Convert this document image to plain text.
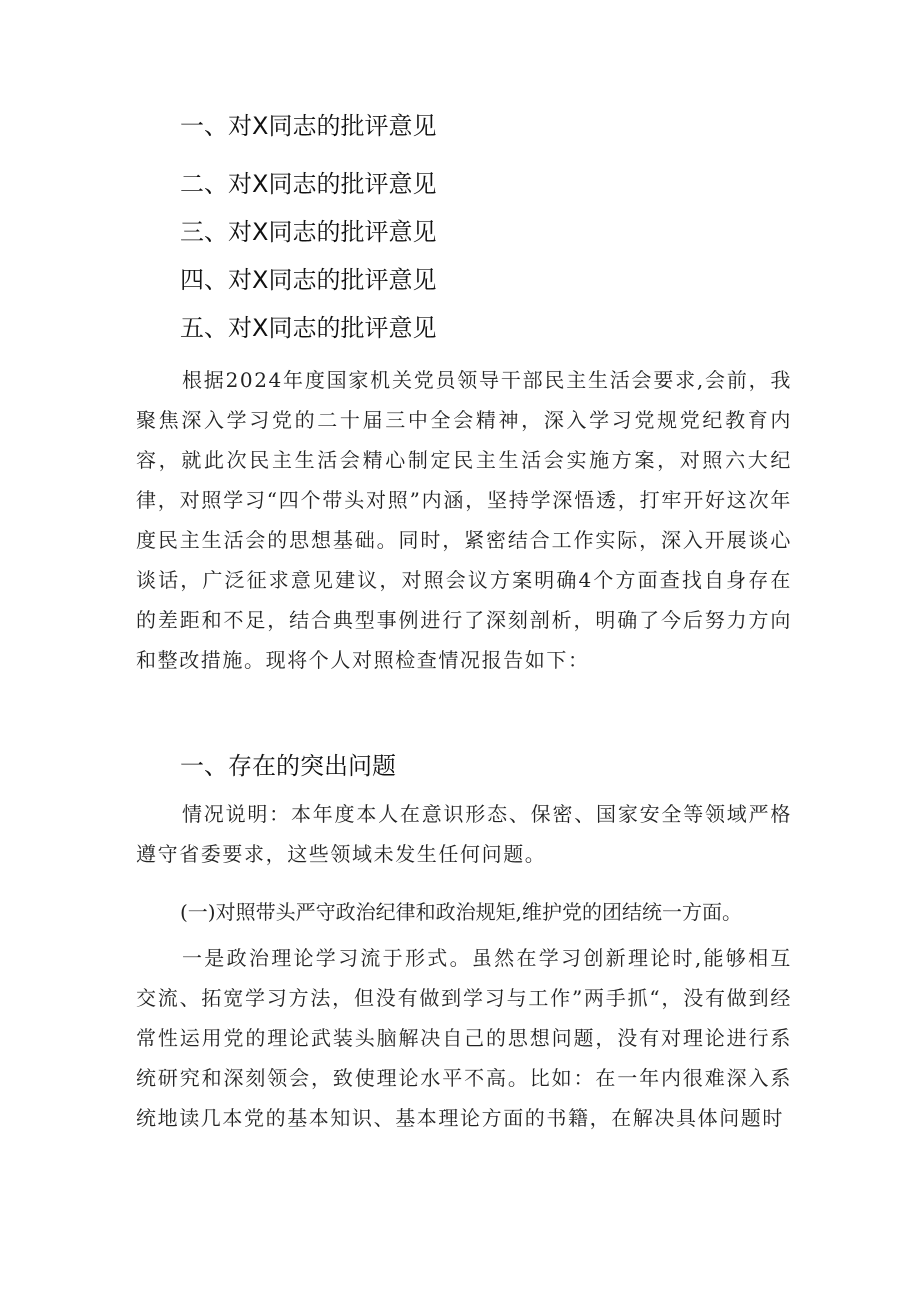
一、对X同志的批评意见
二、对X同志的批评意见
三、对X同志的批评意见
四、对X同志的批评意见
五、对X同志的批评意见
根据2024年度国家机关党员领导干部民主生活会要求,会前，我聚焦深入学习党的二十届三中全会精神，深入学习党规党纪教育内容，就此次民主生活会精心制定民主生活会实施方案，对照六大纪律，对照学习“四个带头对照”内涵，坚持学深悟透，打牢开好这次年度民主生活会的思想基础。同时，紧密结合工作实际，深入开展谈心谈话，广泛征求意见建议，对照会议方案明确4个方面查找自身存在的差距和不足，结合典型事例进行了深刻剖析，明确了今后努力方向和整改措施。现将个人对照检查情况报告如下：
一、存在的突出问题
情况说明：本年度本人在意识形态、保密、国家安全等领域严格遵守省委要求，这些领域未发生任何问题。
(一)对照带头严守政治纪律和政治规矩,维护党的团结统一方面。
一是政治理论学习流于形式。虽然在学习创新理论时,能够相互交流、拓宽学习方法，但没有做到学习与工作”两手抓“，没有做到经常性运用党的理论武装头脑解决自己的思想问题，没有对理论进行系统研究和深刻领会，致使理论水平不高。比如：在一年内很难深入系统地读几本党的基本知识、基本理论方面的书籍，在解决具体问题时
